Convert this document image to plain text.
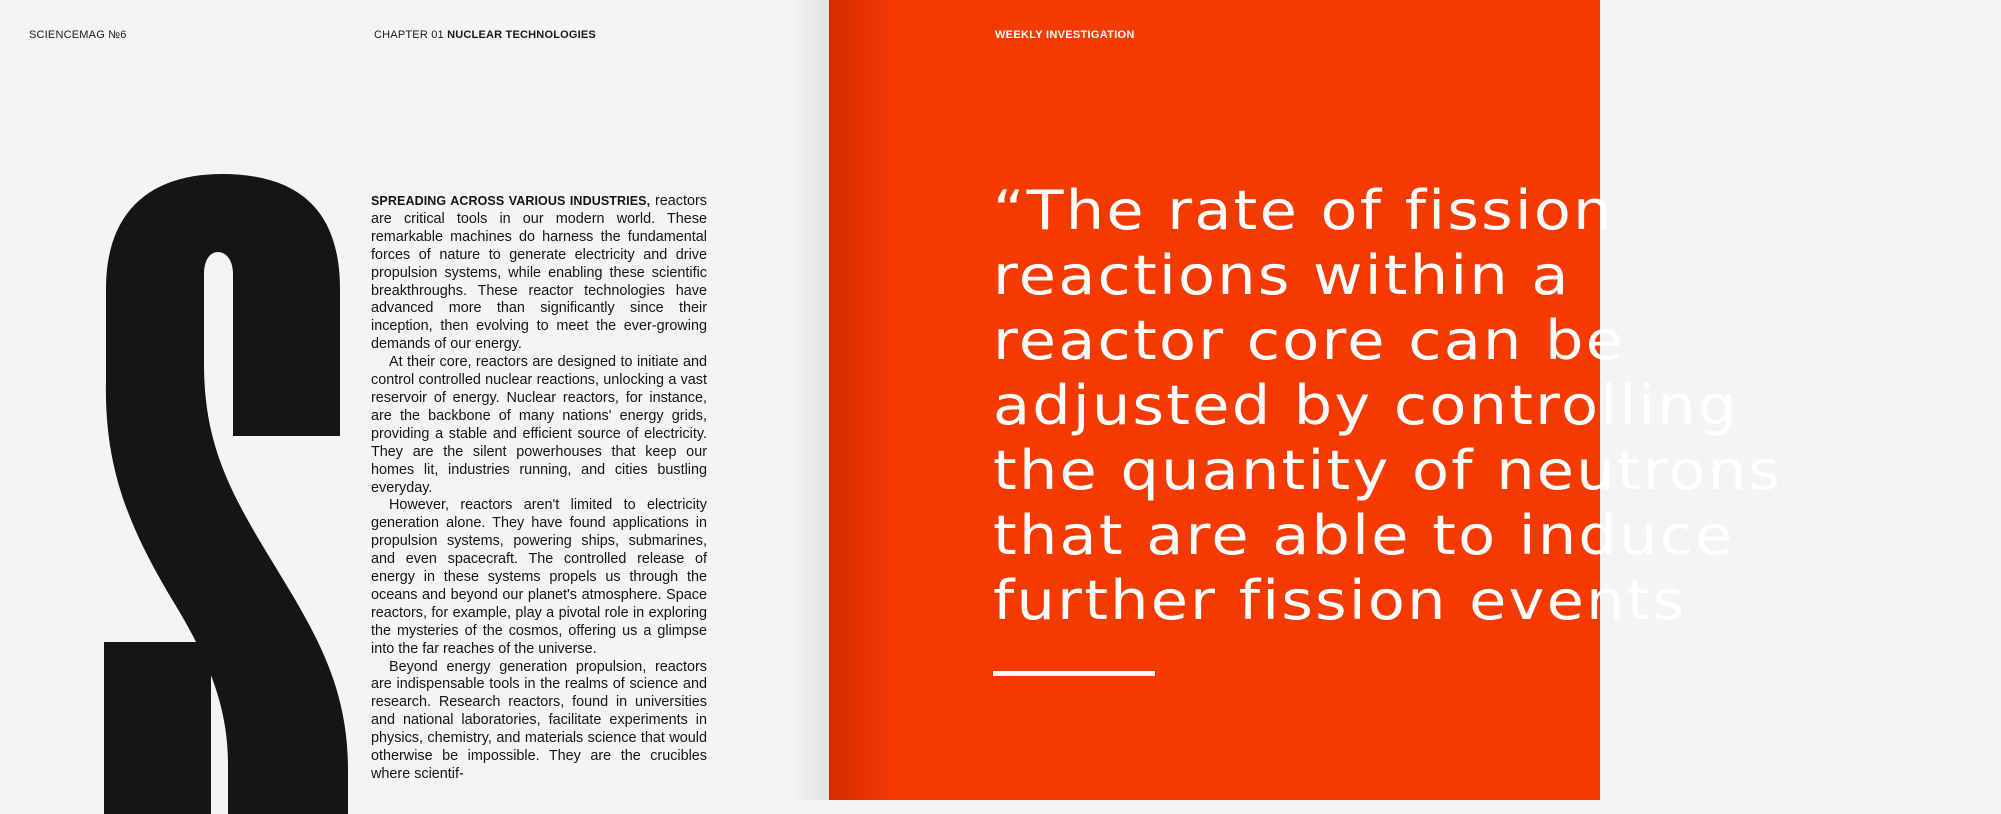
SCIENCEMAG №6	CHAPTER 01 NUCLEAR TECHNOLOGIES

SPREADING ACROSS VARIOUS INDUSTRIES, reactors are critical tools in our modern world. These remarkable machines do harness the fundamental forces of nature to generate electricity and drive propulsion systems, while enabling these scientific breakthroughs. These reactor technologies have advanced more than significantly since their inception, then evolving to meet the ever-growing demands of our energy.

At their core, reactors are designed to initiate and control controlled nuclear reactions, unlocking a vast reservoir of energy. Nuclear reactors, for instance, are the backbone of many nations' energy grids, providing a stable and efficient source of electricity. They are the silent powerhouses that keep our homes lit, industries running, and cities bustling everyday.

However, reactors aren't limited to electricity generation alone. They have found applications in propulsion systems, powering ships, submarines, and even spacecraft. The controlled release of energy in these systems propels us through the oceans and beyond our planet's atmosphere. Space reactors, for example, play a pivotal role in exploring the mysteries of the cosmos, offering us a glimpse into the far reaches of the universe.

Beyond energy generation propulsion, reactors are indispensable tools in the realms of science and research. Research reactors, found in universities and national laboratories, facilitate experiments in physics, chemistry, and materials science that would otherwise be impossible. They are the crucibles where scientif-

WEEKLY INVESTIGATION
“The rate of fission
reactions within a
reactor core can be
adjusted by controlling
the quantity of neutrons
that are able to induce
further fission events
